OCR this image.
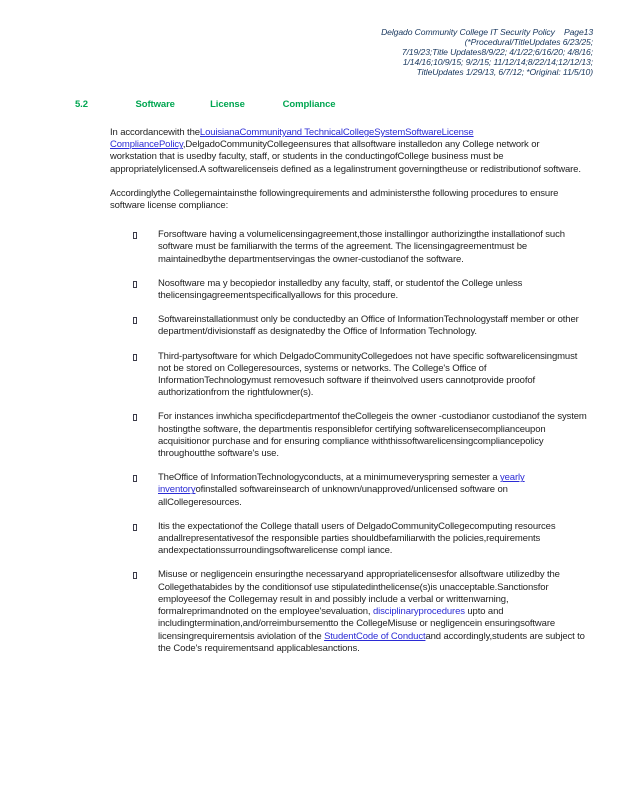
Delgado Community College IT Security Policy    Page13
(*Procedural/TitleUpdates 6/23/25;
7/19/23;Title Updates8/9/22; 4/1/22;6/16/20; 4/8/16;
1/14/16;10/9/15; 9/2/15; 11/12/14;8/22/14;12/12/13;
TitleUpdates 1/29/13, 6/7/12; *Original: 11/5/10)
5.2	Software	License	Compliance

In accordancewith theLouisianaCommunityand TechnicalCollegeSystemSoftwareLicense CompliancePolicy,DelgadoCommunityCollegeensures that allsoftware installedon any College network or workstation that is usedby faculty, staff, or students in the conductingofCollege business must be appropriatelylicensed.A softwarelicenseis defined as a legalinstrument governingtheuse or redistributionof software.

Accordinglythe Collegemaintainsthe followingrequirements and administersthe following procedures to ensure software license compliance:

Forsoftware having a volumelicensingagreement,those installingor authorizingthe installationof such software must be familiarwith the terms of the agreement. The licensingagreementmust be maintainedbythe departmentservingas the owner-custodianof the software.
Nosoftware ma y becopiedor installedby any faculty, staff, or studentof the College unless thelicensingagreementspecificallyallows for this procedure.
Softwareinstallationmust only be conductedby an Office of InformationTechnologystaff member or other department/divisionstaff as designatedby the Office of Information Technology.
Third-partysoftware for which DelgadoCommunityCollegedoes not have specific softwarelicensingmust not be stored on Collegeresources, systems or networks. The College's Office of InformationTechnologymust removesuch software if theinvolved users cannotprovide proofof authorizationfrom the rightfulowner(s).
For instances inwhicha specificdepartmentof theCollegeis the owner -custodianor custodianof the system hostingthe software, the departmentis responsiblefor certifying softwarelicensecomplianceupon acquisitionor purchase and for ensuring compliance withthissoftwarelicensingcompliancepolicy throughoutthe software's use.
TheOffice of InformationTechnologyconducts, at a minimumeveryspring semester a yearly inventoryofinstalled softwareinsearch of unknown/unapproved/unlicensed software on allCollegeresources.
Itis the expectationof the College thatall users of DelgadoCommunityCollegecomputing resources andallrepresentativesof the responsible parties shouldbefamiliarwith the policies,requirements andexpectationssurroundingsoftwarelicense compl iance.
Misuse or negligencein ensuringthe necessaryand appropriatelicensesfor allsoftware utilizedby the Collegethatabides by the conditionsof use stipulatedinthelicense(s)is unacceptable.Sanctionsfor employeesof the Collegemay result in and possibly include a verbal or writtenwarning, formalreprimandnoted on the employee'sevaluation, disciplinaryprocedures upto and includingtermination,and/orreimbursementto the CollegeMisuse or negligencein ensuringsoftware licensingrequirementsis aviolation of the StudentCode of Conductand accordingly,students are subject to the Code's requirementsand applicablesanctions.
